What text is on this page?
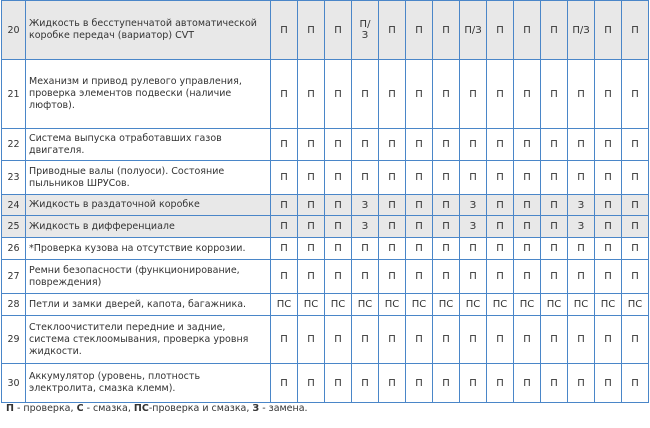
20	Жидкость в бесступенчатой автоматической коробке передач (вариатор) CVT	П	П	П	П/ З	П	П	П	П/З	П	П	П	П/З	П	П
21	Механизм и привод рулевого управления, проверка элементов подвески (наличие люфтов).	П	П	П	П	П	П	П	П	П	П	П	П	П	П
22	Система выпуска отработавших газов двигателя.	П	П	П	П	П	П	П	П	П	П	П	П	П	П
23	Приводные валы (полуоси). Состояние пыльников ШРУСов.	П	П	П	П	П	П	П	П	П	П	П	П	П	П
24	Жидкость в раздаточной коробке	П	П	П	З	П	П	П	З	П	П	П	З	П	П
25	Жидкость в дифференциале	П	П	П	З	П	П	П	З	П	П	П	З	П	П
26	*Проверка кузова на отсутствие коррозии.	П	П	П	П	П	П	П	П	П	П	П	П	П	П
27	Ремни безопасности (функционирование, повреждения)	П	П	П	П	П	П	П	П	П	П	П	П	П	П
28	Петли и замки дверей, капота, багажника.	ПС	ПС	ПС	ПС	ПС	ПС	ПС	ПС	ПС	ПС	ПС	ПС	ПС	ПС
29	Стеклоочистители передние и задние, система стеклоомывания, проверка уровня жидкости.	П	П	П	П	П	П	П	П	П	П	П	П	П	П
30	Аккумулятор (уровень, плотность электролита, смазка клемм).	П	П	П	П	П	П	П	П	П	П	П	П	П	П
П - проверка, С - смазка, ПС-проверка и смазка, З - замена.
